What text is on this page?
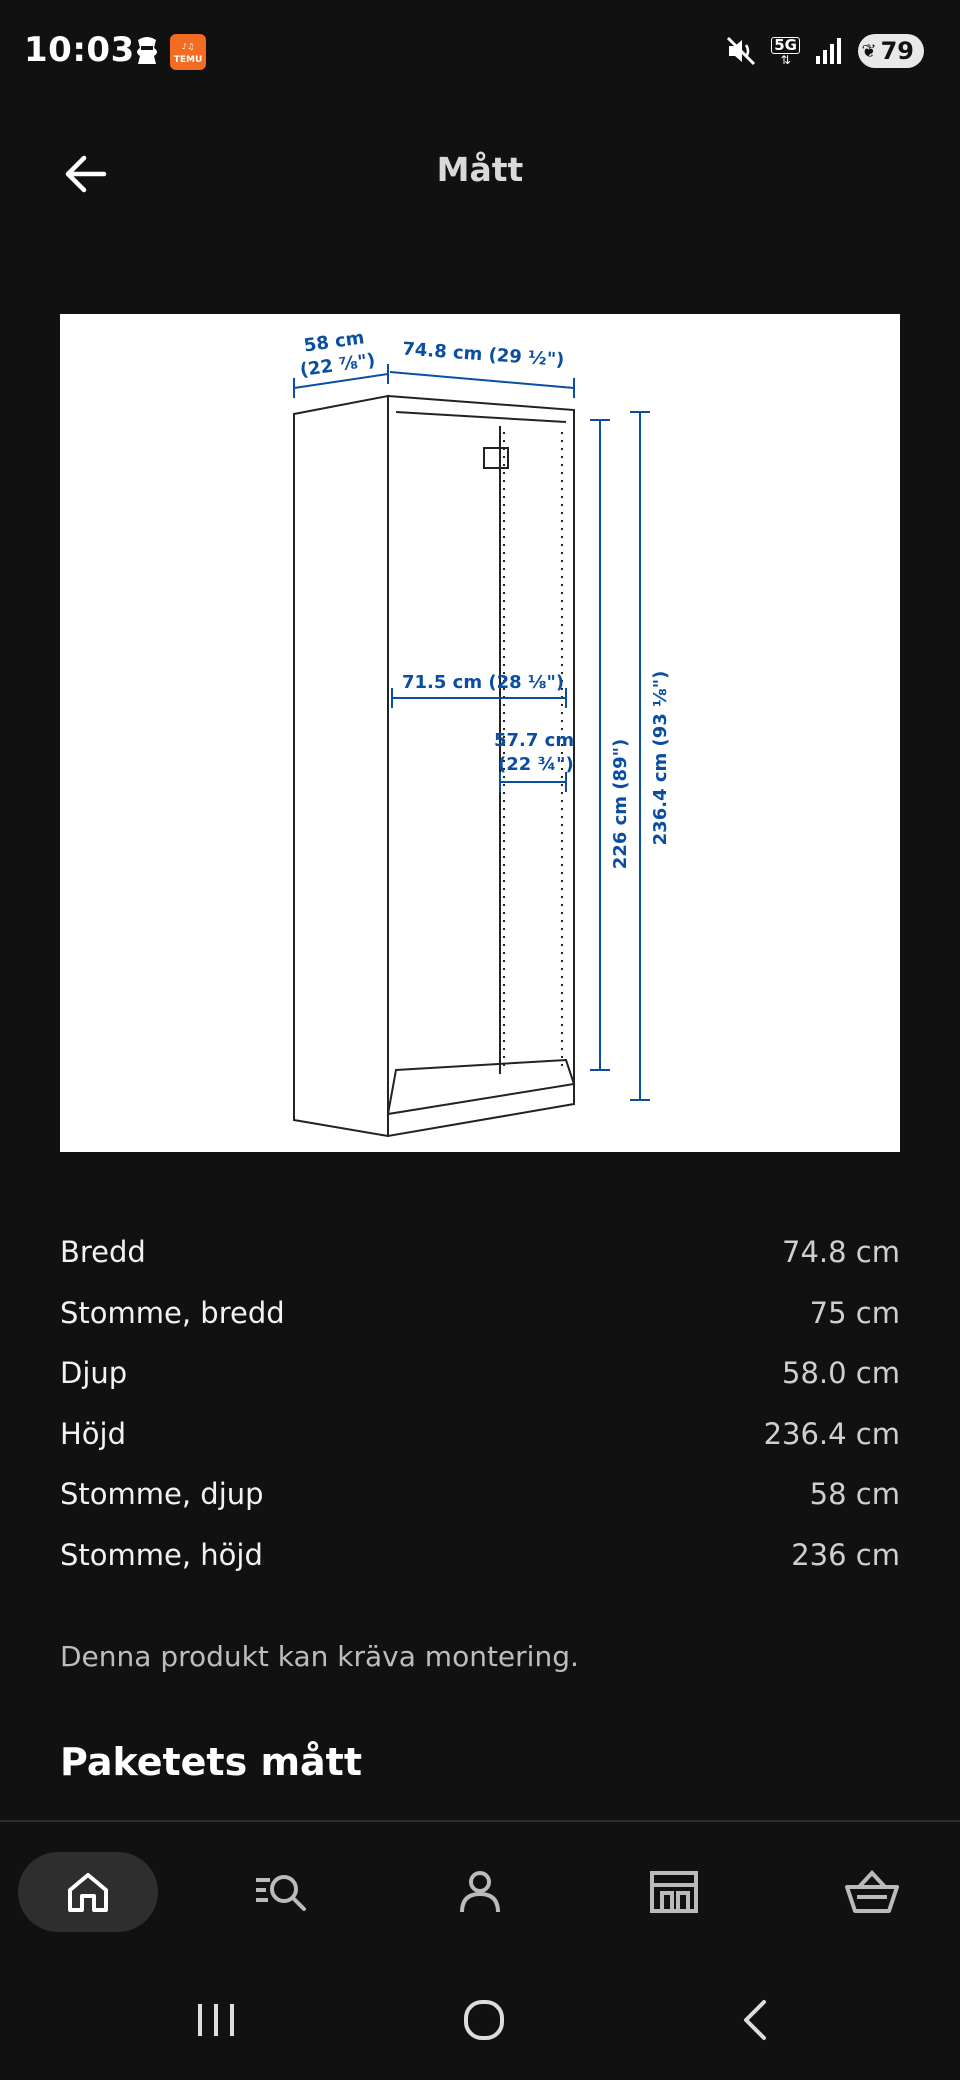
10:03	♪♫
TEMU
5G
⇅	❦ 79
Mått
58 cm
(22 ⅞") 74.8 cm (29 ½")
71.5 cm (28 ⅛")
57.7 cm
(22 ¾") 226 cm (89") 236.4 cm (93 ⅛")
Bredd	74.8 cm
Stomme, bredd	75 cm
Djup	58.0 cm
Höjd	236.4 cm
Stomme, djup	58 cm
Stomme, höjd	236 cm
Denna produkt kan kräva montering.
Paketets mått
